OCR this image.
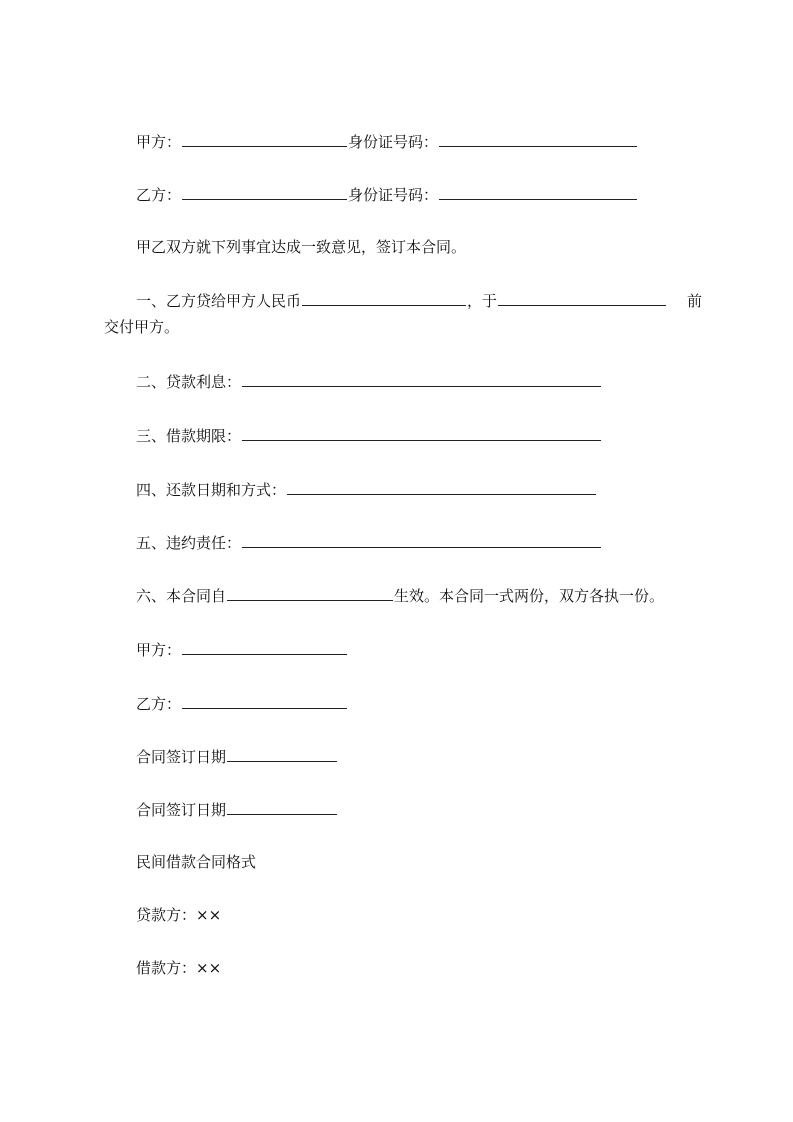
甲方：	身份证号码：
乙方：	身份证号码：
甲乙双方就下列事宜达成一致意见，签订本合同。
一、乙方贷给甲方人民币	，于	前
交付甲方。
二、贷款利息：
三、借款期限：
四、还款日期和方式：
五、违约责任：
六、本合同自	生效。本合同一式两份，双方各执一份。
甲方：
乙方：
合同签订日期
合同签订日期
民间借款合同格式
贷款方：××
借款方：××
